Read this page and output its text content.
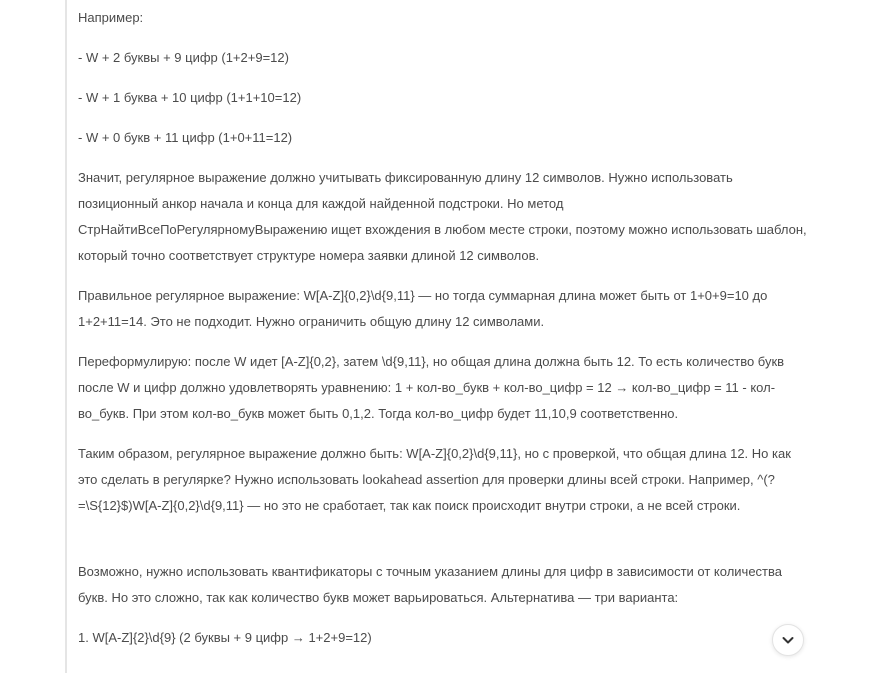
Например:

- W + 2 буквы + 9 цифр (1+2+9=12)

- W + 1 буква + 10 цифр (1+1+10=12)

- W + 0 букв + 11 цифр (1+0+11=12)

Значит, регулярное выражение должно учитывать фиксированную длину 12 символов. Нужно использовать позиционный анкор начала и конца для каждой найденной подстроки. Но метод СтрНайтиВсеПоРегулярномуВыражению ищет вхождения в любом месте строки, поэтому можно использовать шаблон, который точно соответствует структуре номера заявки длиной 12 символов.

Правильное регулярное выражение: W[A-Z]{0,2}\d{9,11} — но тогда суммарная длина может быть от 1+0+9=10 до 1+2+11=14. Это не подходит. Нужно ограничить общую длину 12 символами.

Переформулирую: после W идет [A-Z]{0,2}, затем \d{9,11}, но общая длина должна быть 12. То есть количество букв после W и цифр должно удовлетворять уравнению: 1 + кол-во_букв + кол-во_цифр = 12 → кол-во_цифр = 11 - кол-во_букв. При этом кол-во_букв может быть 0,1,2. Тогда кол-во_цифр будет 11,10,9 соответственно.

Таким образом, регулярное выражение должно быть: W[A-Z]{0,2}\d{9,11}, но с проверкой, что общая длина 12. Но как это сделать в регулярке? Нужно использовать lookahead assertion для проверки длины всей строки. Например, ^(?=\S{12}$)W[A-Z]{0,2}\d{9,11} — но это не сработает, так как поиск происходит внутри строки, а не всей строки.

Возможно, нужно использовать квантификаторы с точным указанием длины для цифр в зависимости от количества букв. Но это сложно, так как количество букв может варьироваться. Альтернатива — три варианта:

1. W[A-Z]{2}\d{9} (2 буквы + 9 цифр → 1+2+9=12)
